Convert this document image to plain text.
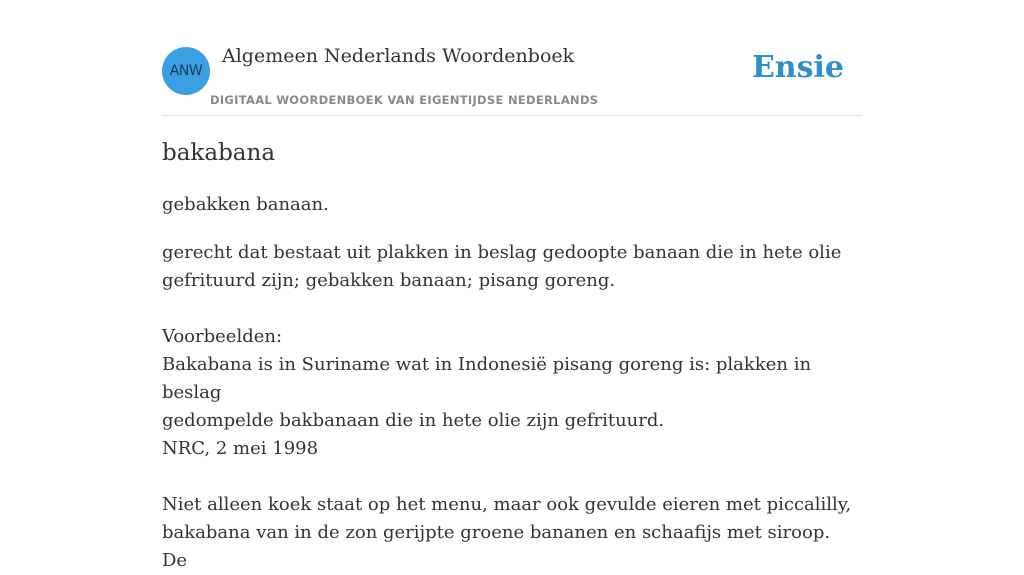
ANW
Algemeen Nederlands Woordenboek
DIGITAAL WOORDENBOEK VAN EIGENTIJDSE NEDERLANDS
Ensie
bakabana

gebakken banaan.

gerecht dat bestaat uit plakken in beslag gedoopte banaan die in hete olie

gefrituurd zijn; gebakken banaan; pisang goreng.

Voorbeelden:

Bakabana is in Suriname wat in Indonesië pisang goreng is: plakken in beslag

gedompelde bakbanaan die in hete olie zijn gefrituurd.

NRC, 2 mei 1998

Niet alleen koek staat op het menu, maar ook gevulde eieren met piccalilly,

bakabana van in de zon gerijpte groene bananen en schaafijs met siroop. De
